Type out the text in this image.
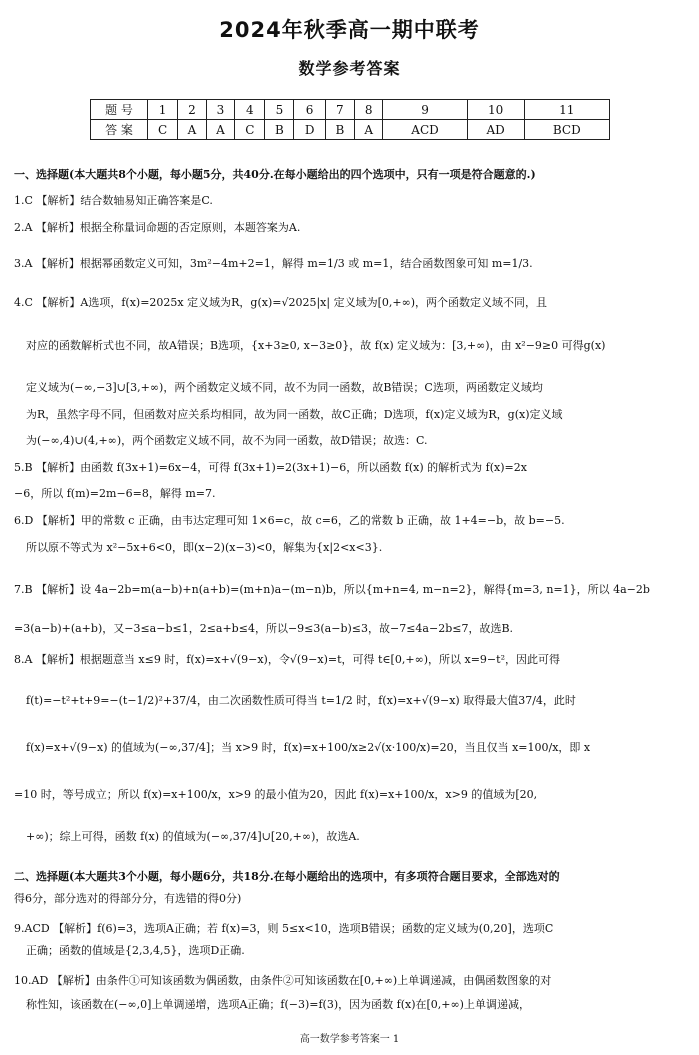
2024年秋季高一期中联考
数学参考答案
题 号	1	2	3	4	5	6	7	8	9	10	11
答 案	C	A	A	C	B	D	B	A	ACD	AD	BCD
一、选择题(本大题共8个小题，每小题5分，共40分.在每小题给出的四个选项中，只有一项是符合题意的.)
1.C 【解析】结合数轴易知正确答案是C.
2.A 【解析】根据全称量词命题的否定原则，本题答案为A.
3.A 【解析】根据幂函数定义可知，3m²−4m+2=1，解得 m=1/3 或 m=1，结合函数图象可知 m=1/3.
4.C 【解析】A选项，f(x)=2025x 定义域为R，g(x)=√2025|x| 定义域为[0,+∞)，两个函数定义域不同，且
对应的函数解析式也不同，故A错误；B选项，{x+3≥0, x−3≥0}，故 f(x) 定义域为：[3,+∞)，由 x²−9≥0 可得g(x)
定义域为(−∞,−3]∪[3,+∞)，两个函数定义域不同，故不为同一函数，故B错误；C选项，两函数定义域均
为R，虽然字母不同，但函数对应关系均相同，故为同一函数，故C正确；D选项，f(x)定义域为R，g(x)定义域
为(−∞,4)∪(4,+∞)，两个函数定义域不同，故不为同一函数，故D错误；故选：C.
5.B 【解析】由函数 f(3x+1)=6x−4，可得 f(3x+1)=2(3x+1)−6，所以函数 f(x) 的解析式为 f(x)=2x
−6，所以 f(m)=2m−6=8，解得 m=7.
6.D 【解析】甲的常数 c 正确，由韦达定理可知 1×6=c，故 c=6，乙的常数 b 正确，故 1+4=−b，故 b=−5.
所以原不等式为 x²−5x+6<0，即(x−2)(x−3)<0，解集为{x|2<x<3}.
7.B 【解析】设 4a−2b=m(a−b)+n(a+b)=(m+n)a−(m−n)b，所以{m+n=4, m−n=2}，解得{m=3, n=1}，所以 4a−2b
=3(a−b)+(a+b)，又−3≤a−b≤1，2≤a+b≤4，所以−9≤3(a−b)≤3，故−7≤4a−2b≤7，故选B.
8.A 【解析】根据题意当 x≤9 时，f(x)=x+√(9−x)，令√(9−x)=t，可得 t∈[0,+∞)，所以 x=9−t²，因此可得
f(t)=−t²+t+9=−(t−1/2)²+37/4，由二次函数性质可得当 t=1/2 时，f(x)=x+√(9−x) 取得最大值37/4，此时
f(x)=x+√(9−x) 的值域为(−∞,37/4]；当 x>9 时，f(x)=x+100/x≥2√(x·100/x)=20，当且仅当 x=100/x，即 x
=10 时，等号成立；所以 f(x)=x+100/x，x>9 的最小值为20，因此 f(x)=x+100/x，x>9 的值域为[20,
+∞)；综上可得，函数 f(x) 的值域为(−∞,37/4]∪[20,+∞)，故选A.
二、选择题(本大题共3个小题，每小题6分，共18分.在每小题给出的选项中，有多项符合题目要求，全部选对的
得6分，部分选对的得部分分，有选错的得0分)
9.ACD 【解析】f(6)=3，选项A正确；若 f(x)=3，则 5≤x<10，选项B错误；函数的定义域为(0,20]，选项C
正确；函数的值域是{2,3,4,5}，选项D正确.
10.AD 【解析】由条件①可知该函数为偶函数，由条件②可知该函数在[0,+∞)上单调递减，由偶函数图象的对
称性知，该函数在(−∞,0]上单调递增，选项A正确；f(−3)=f(3)，因为函数 f(x)在[0,+∞)上单调递减，
高一数学参考答案一 1
